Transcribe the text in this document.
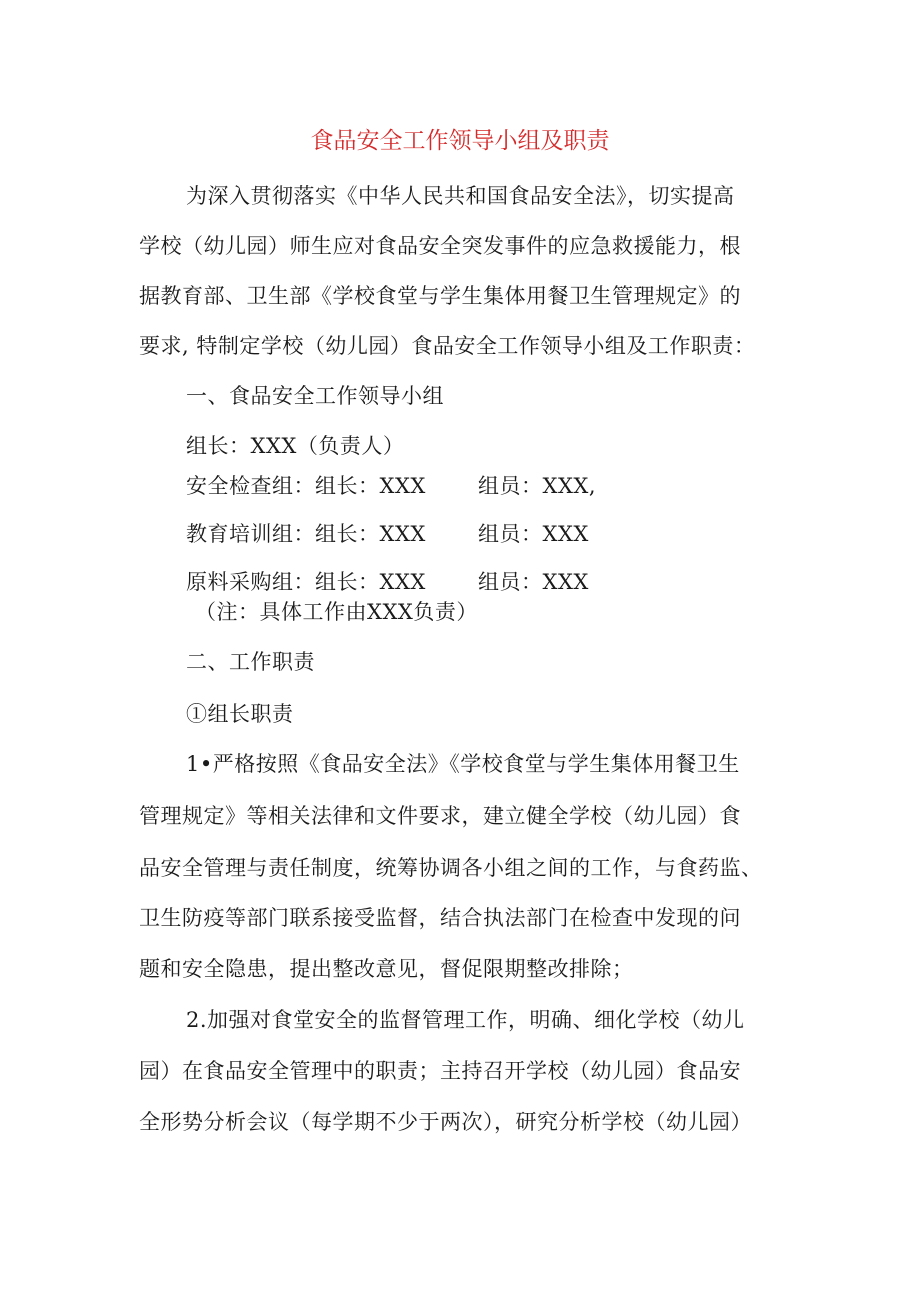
食品安全工作领导小组及职责

为深入贯彻落实《中华人民共和国食品安全法》，切实提高

学校（幼儿园）师生应对食品安全突发事件的应急救援能力，根

据教育部、卫生部《学校食堂与学生集体用餐卫生管理规定》的

要求, 特制定学校（幼儿园）食品安全工作领导小组及工作职责：

一、食品安全工作领导小组

组长：XXX（负责人）

安全检查组：组长：XXX 组员：XXX,
教育培训组：组长：XXX 组员：XXX
原料采购组：组长：XXX 组员：XXX

（注：具体工作由XXX负责）

二、工作职责

①组长职责

1•严格按照《食品安全法》《学校食堂与学生集体用餐卫生

管理规定》等相关法律和文件要求，建立健全学校（幼儿园）食

品安全管理与责任制度，统筹协调各小组之间的工作，与食药监、

卫生防疫等部门联系接受监督，结合执法部门在检查中发现的问

题和安全隐患，提出整改意见，督促限期整改排除；

2.加强对食堂安全的监督管理工作，明确、细化学校（幼儿

园）在食品安全管理中的职责；主持召开学校（幼儿园）食品安

全形势分析会议（每学期不少于两次），研究分析学校（幼儿园）
